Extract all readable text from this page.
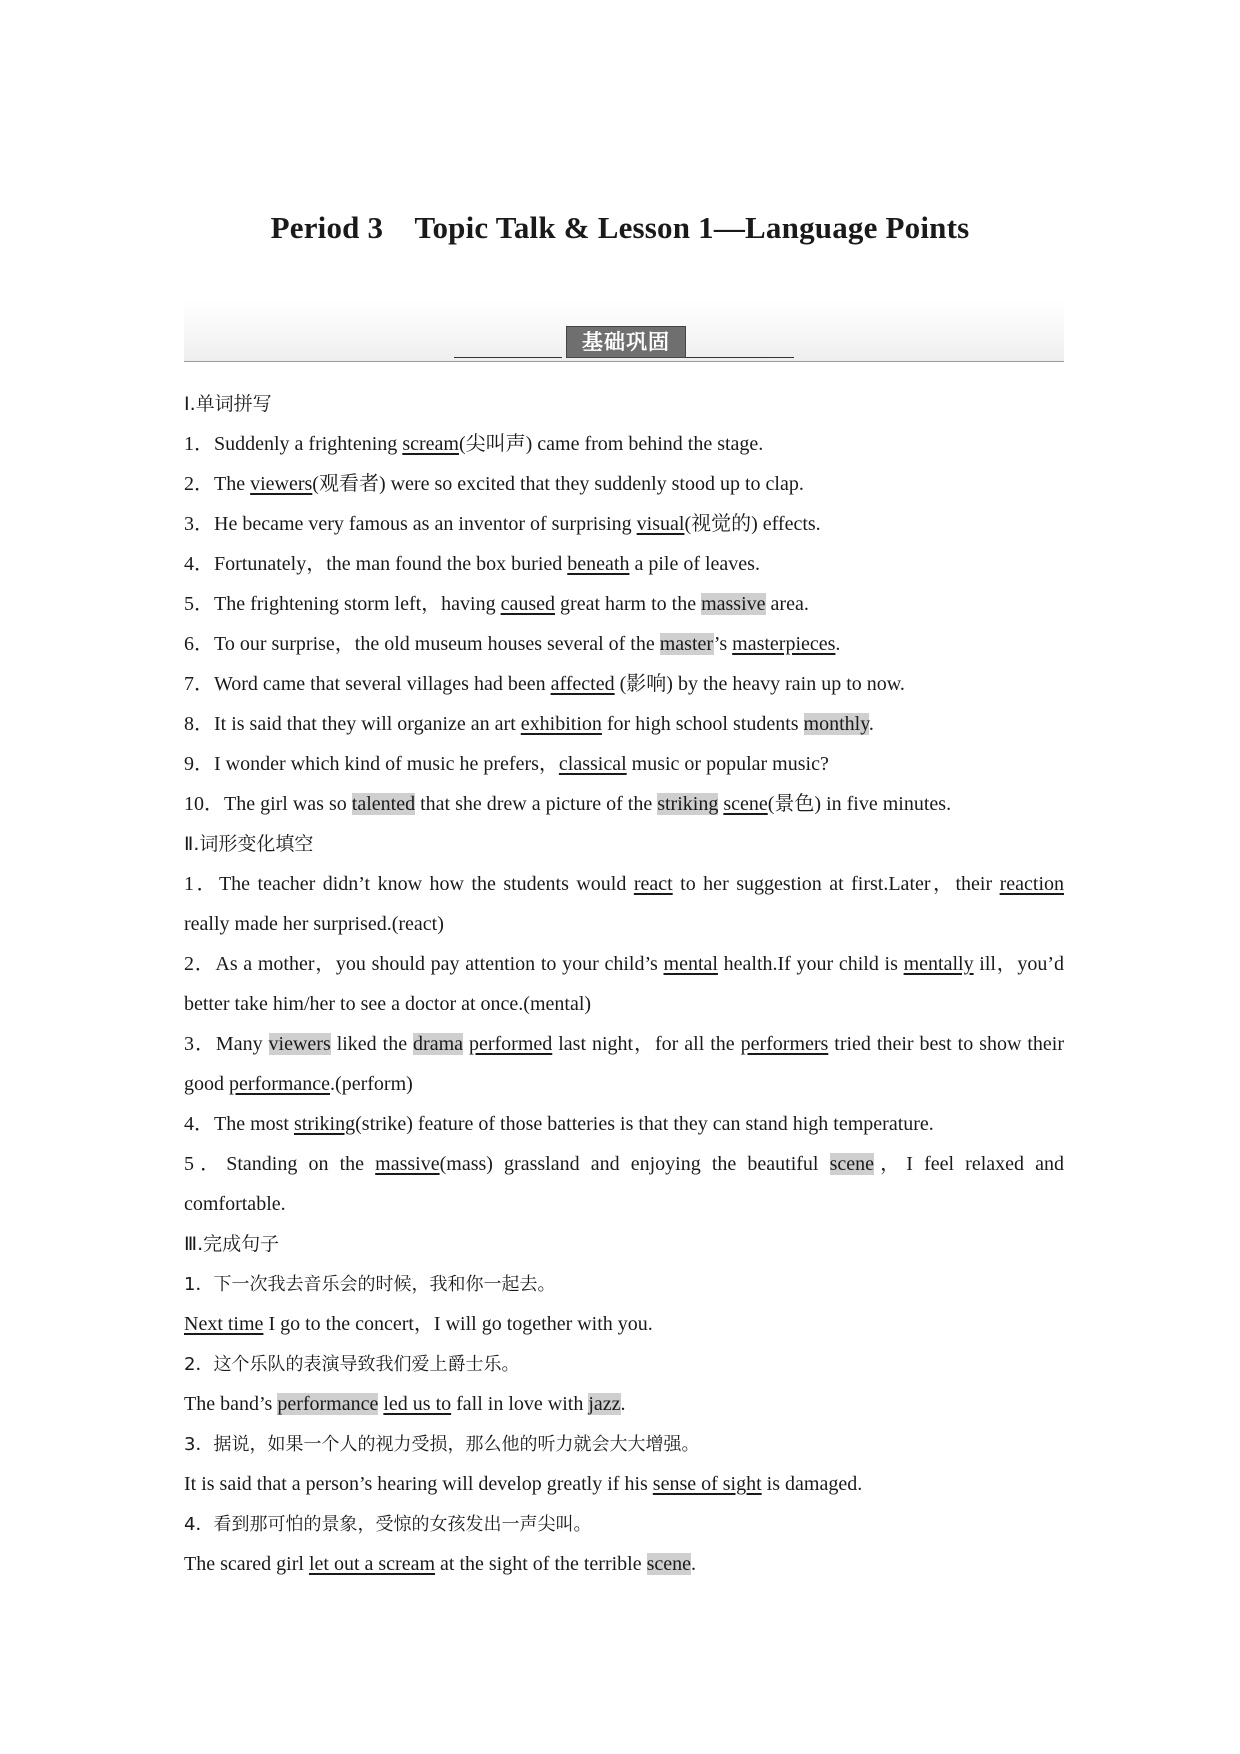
Period 3　Topic Talk & Lesson 1—Language Points
基础巩固
Ⅰ.单词拼写
1．Suddenly a frightening scream(尖叫声) came from behind the stage.
2．The viewers(观看者) were so excited that they suddenly stood up to clap.
3．He became very famous as an inventor of surprising visual(视觉的) effects.
4．Fortunately，the man found the box buried beneath a pile of leaves.
5．The frightening storm left，having caused great harm to the massive area.
6．To our surprise，the old museum houses several of the master’s masterpieces.
7．Word came that several villages had been affected (影响) by the heavy rain up to now.
8．It is said that they will organize an art exhibition for high school students monthly.
9．I wonder which kind of music he prefers，classical music or popular music?
10．The girl was so talented that she drew a picture of the striking scene(景色) in five minutes.
Ⅱ.词形变化填空
1．The teacher didn’t know how the students would react to her suggestion at first.Later，their reaction really made her surprised.(react)
2．As a mother，you should pay attention to your child’s mental health.If your child is mentally ill，you’d better take him/her to see a doctor at once.(mental)
3．Many viewers liked the drama performed last night，for all the performers tried their best to show their good performance.(perform)
4．The most striking(strike) feature of those batteries is that they can stand high temperature.
5．Standing on the massive(mass) grassland and enjoying the beautiful scene，I feel relaxed and comfortable.
Ⅲ.完成句子
1．下一次我去音乐会的时候，我和你一起去。
Next time I go to the concert，I will go together with you.
2．这个乐队的表演导致我们爱上爵士乐。
The band’s performance led us to fall in love with jazz.
3．据说，如果一个人的视力受损，那么他的听力就会大大增强。
It is said that a person’s hearing will develop greatly if his sense of sight is damaged.
4．看到那可怕的景象，受惊的女孩发出一声尖叫。
The scared girl let out a scream at the sight of the terrible scene.
